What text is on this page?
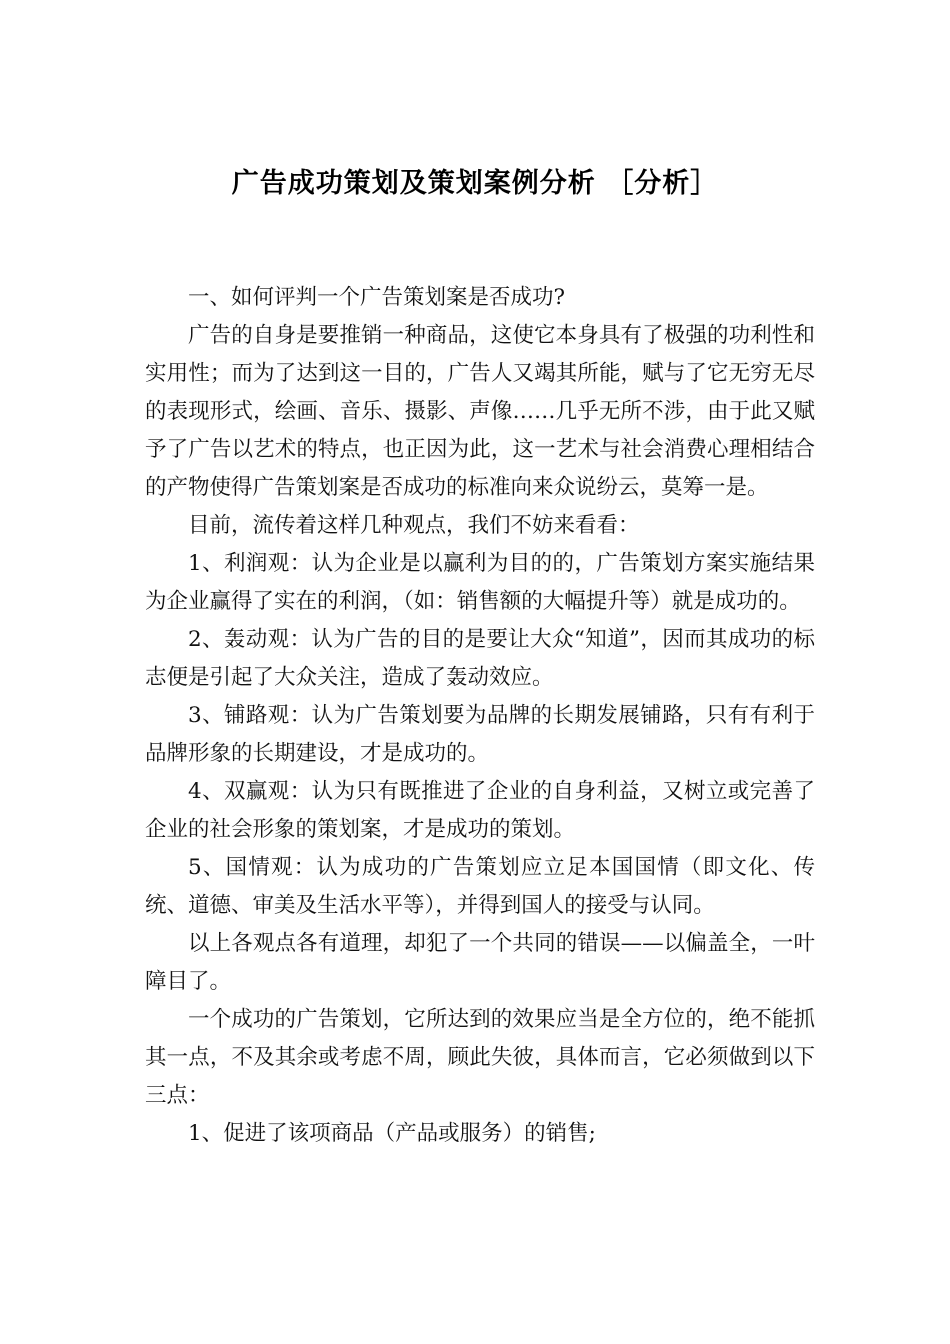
广告成功策划及策划案例分析 ［分析］

一、如何评判一个广告策划案是否成功?

广告的自身是要推销一种商品，这使它本身具有了极强的功利性和实用性；而为了达到这一目的，广告人又竭其所能，赋与了它无穷无尽的表现形式，绘画、音乐、摄影、声像……几乎无所不涉，由于此又赋予了广告以艺术的特点，也正因为此，这一艺术与社会消费心理相结合的产物使得广告策划案是否成功的标准向来众说纷云，莫筹一是。

目前，流传着这样几种观点，我们不妨来看看：

1、利润观：认为企业是以赢利为目的的，广告策划方案实施结果为企业赢得了实在的利润，（如：销售额的大幅提升等）就是成功的。

2、轰动观：认为广告的目的是要让大众“知道”，因而其成功的标志便是引起了大众关注，造成了轰动效应。

3、铺路观：认为广告策划要为品牌的长期发展铺路，只有有利于品牌形象的长期建设，才是成功的。

4、双赢观：认为只有既推进了企业的自身利益，又树立或完善了企业的社会形象的策划案，才是成功的策划。

5、国情观：认为成功的广告策划应立足本国国情（即文化、传统、道德、审美及生活水平等），并得到国人的接受与认同。

以上各观点各有道理，却犯了一个共同的错误——以偏盖全，一叶障目了。

一个成功的广告策划，它所达到的效果应当是全方位的，绝不能抓其一点，不及其余或考虑不周，顾此失彼，具体而言，它必须做到以下三点：

1、促进了该项商品（产品或服务）的销售;
